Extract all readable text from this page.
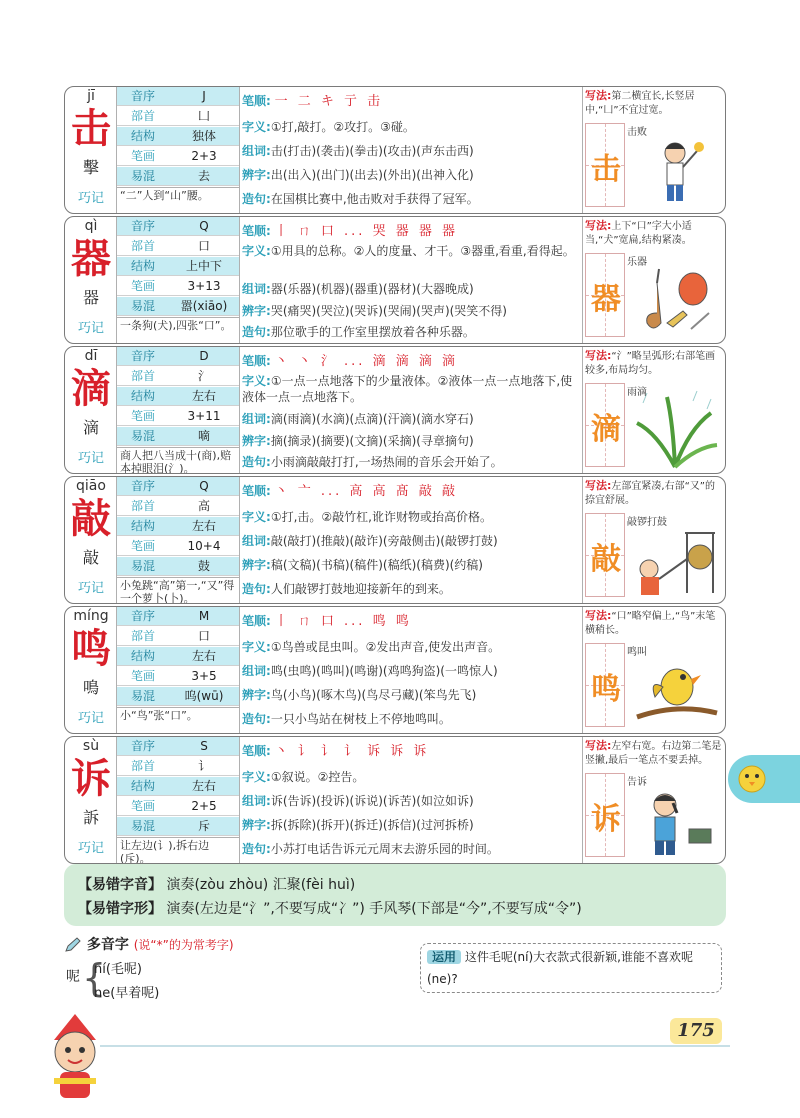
jī
击
擊
巧记
音序	J
部首	凵
结构	独体
笔画	2+3
易混	去
“二”人到“山”腰。
笔顺: 一 二 キ 亍 击
字义:①打,敲打。②攻打。③碰。
组词:击(打击)(袭击)(拳击)(攻击)(声东击西)
辨字:出(出入)(出门)(出去)(外出)(出神入化)
造句:在国棋比赛中,他击败对手获得了冠军。
写法:第二横宜长,长竖居中,“凵”不宜过宽。
击
击败
qì
器
器
巧记
音序	Q
部首	口
结构	上中下
笔画	3+13
易混	嚣(xiāo)
一条狗(犬),四张“口”。
笔顺: 丨 ㄇ 口 ... 哭 器 器 器
字义:①用具的总称。②人的度量、才干。③器重,看重,看得起。
组词:器(乐器)(机器)(器重)(器材)(大器晚成)
辨字:哭(痛哭)(哭泣)(哭诉)(哭闹)(哭声)(哭笑不得)
造句:那位歌手的工作室里摆放着各种乐器。
写法:上下“口”字大小适当,“犬”宽扁,结构紧凑。
器
乐器
dī
滴
滴
巧记
音序	D
部首	氵
结构	左右
笔画	3+11
易混	嘀
商人把八当成十(商),赔本掉眼泪(氵)。
笔顺: 丶 丶 氵 ... 滴 滴 滴 滴
字义:①一点一点地落下的少量液体。②液体一点一点地落下,使液体一点一点地落下。
组词:滴(雨滴)(水滴)(点滴)(汗滴)(滴水穿石)
辨字:摘(摘录)(摘要)(文摘)(采摘)(寻章摘句)
造句:小雨滴敲敲打打,一场热闹的音乐会开始了。
写法:“氵”略呈弧形;右部笔画较多,布局均匀。
滴
雨滴
qiāo
敲
敲
巧记
音序	Q
部首	高
结构	左右
笔画	10+4
易混	鼓
小兔跳“高”第一,“又”得一个萝卜(卜)。
笔顺: 丶 亠 ... 高 高 髙 敲 敲
字义:①打,击。②敲竹杠,讹诈财物或抬高价格。
组词:敲(敲打)(推敲)(敲诈)(旁敲侧击)(敲锣打鼓)
辨字:稿(文稿)(书稿)(稿件)(稿纸)(稿费)(约稿)
造句:人们敲锣打鼓地迎接新年的到来。
写法:左部宜紧凑,右部“又”的捺宜舒展。
敲
敲锣打鼓
míng
鸣
鳴
巧记
音序	M
部首	口
结构	左右
笔画	3+5
易混	呜(wū)
小“鸟”张“口”。
笔顺: 丨 ㄇ 口 ... 鸣 鸣
字义:①鸟兽或昆虫叫。②发出声音,使发出声音。
组词:鸣(虫鸣)(鸣叫)(鸣谢)(鸡鸣狗盗)(一鸣惊人)
辨字:鸟(小鸟)(啄木鸟)(鸟尽弓藏)(笨鸟先飞)
造句:一只小鸟站在树枝上不停地鸣叫。
写法:“口”略窄偏上,“鸟”末笔横稍长。
鸣
鸣叫
sù
诉
訴
巧记
音序	S
部首	讠
结构	左右
笔画	2+5
易混	斥
让左边(讠),拆右边(斥)。
笔顺: 丶 讠 讠 讠 诉 诉 诉
字义:①叙说。②控告。
组词:诉(告诉)(投诉)(诉说)(诉苦)(如泣如诉)
辨字:拆(拆除)(拆开)(拆迁)(拆信)(过河拆桥)
造句:小苏打电话告诉元元周末去游乐园的时间。
写法:左窄右宽。右边第二笔是竖撇,最后一笔点不要丢掉。
诉
告诉
【易错字音】 演奏(zòu zhòu) 汇聚(fèi huì)
【易错字形】 演奏(左边是“氵”,不要写成“冫”) 手风琴(下部是“今”,不要写成“令”)
多音字 (说“*”的为常考字)
呢 {
ní(毛呢)
ne(早着呢)
运用 这件毛呢(ní)大衣款式很新颖,谁能不喜欢呢(ne)?
175
